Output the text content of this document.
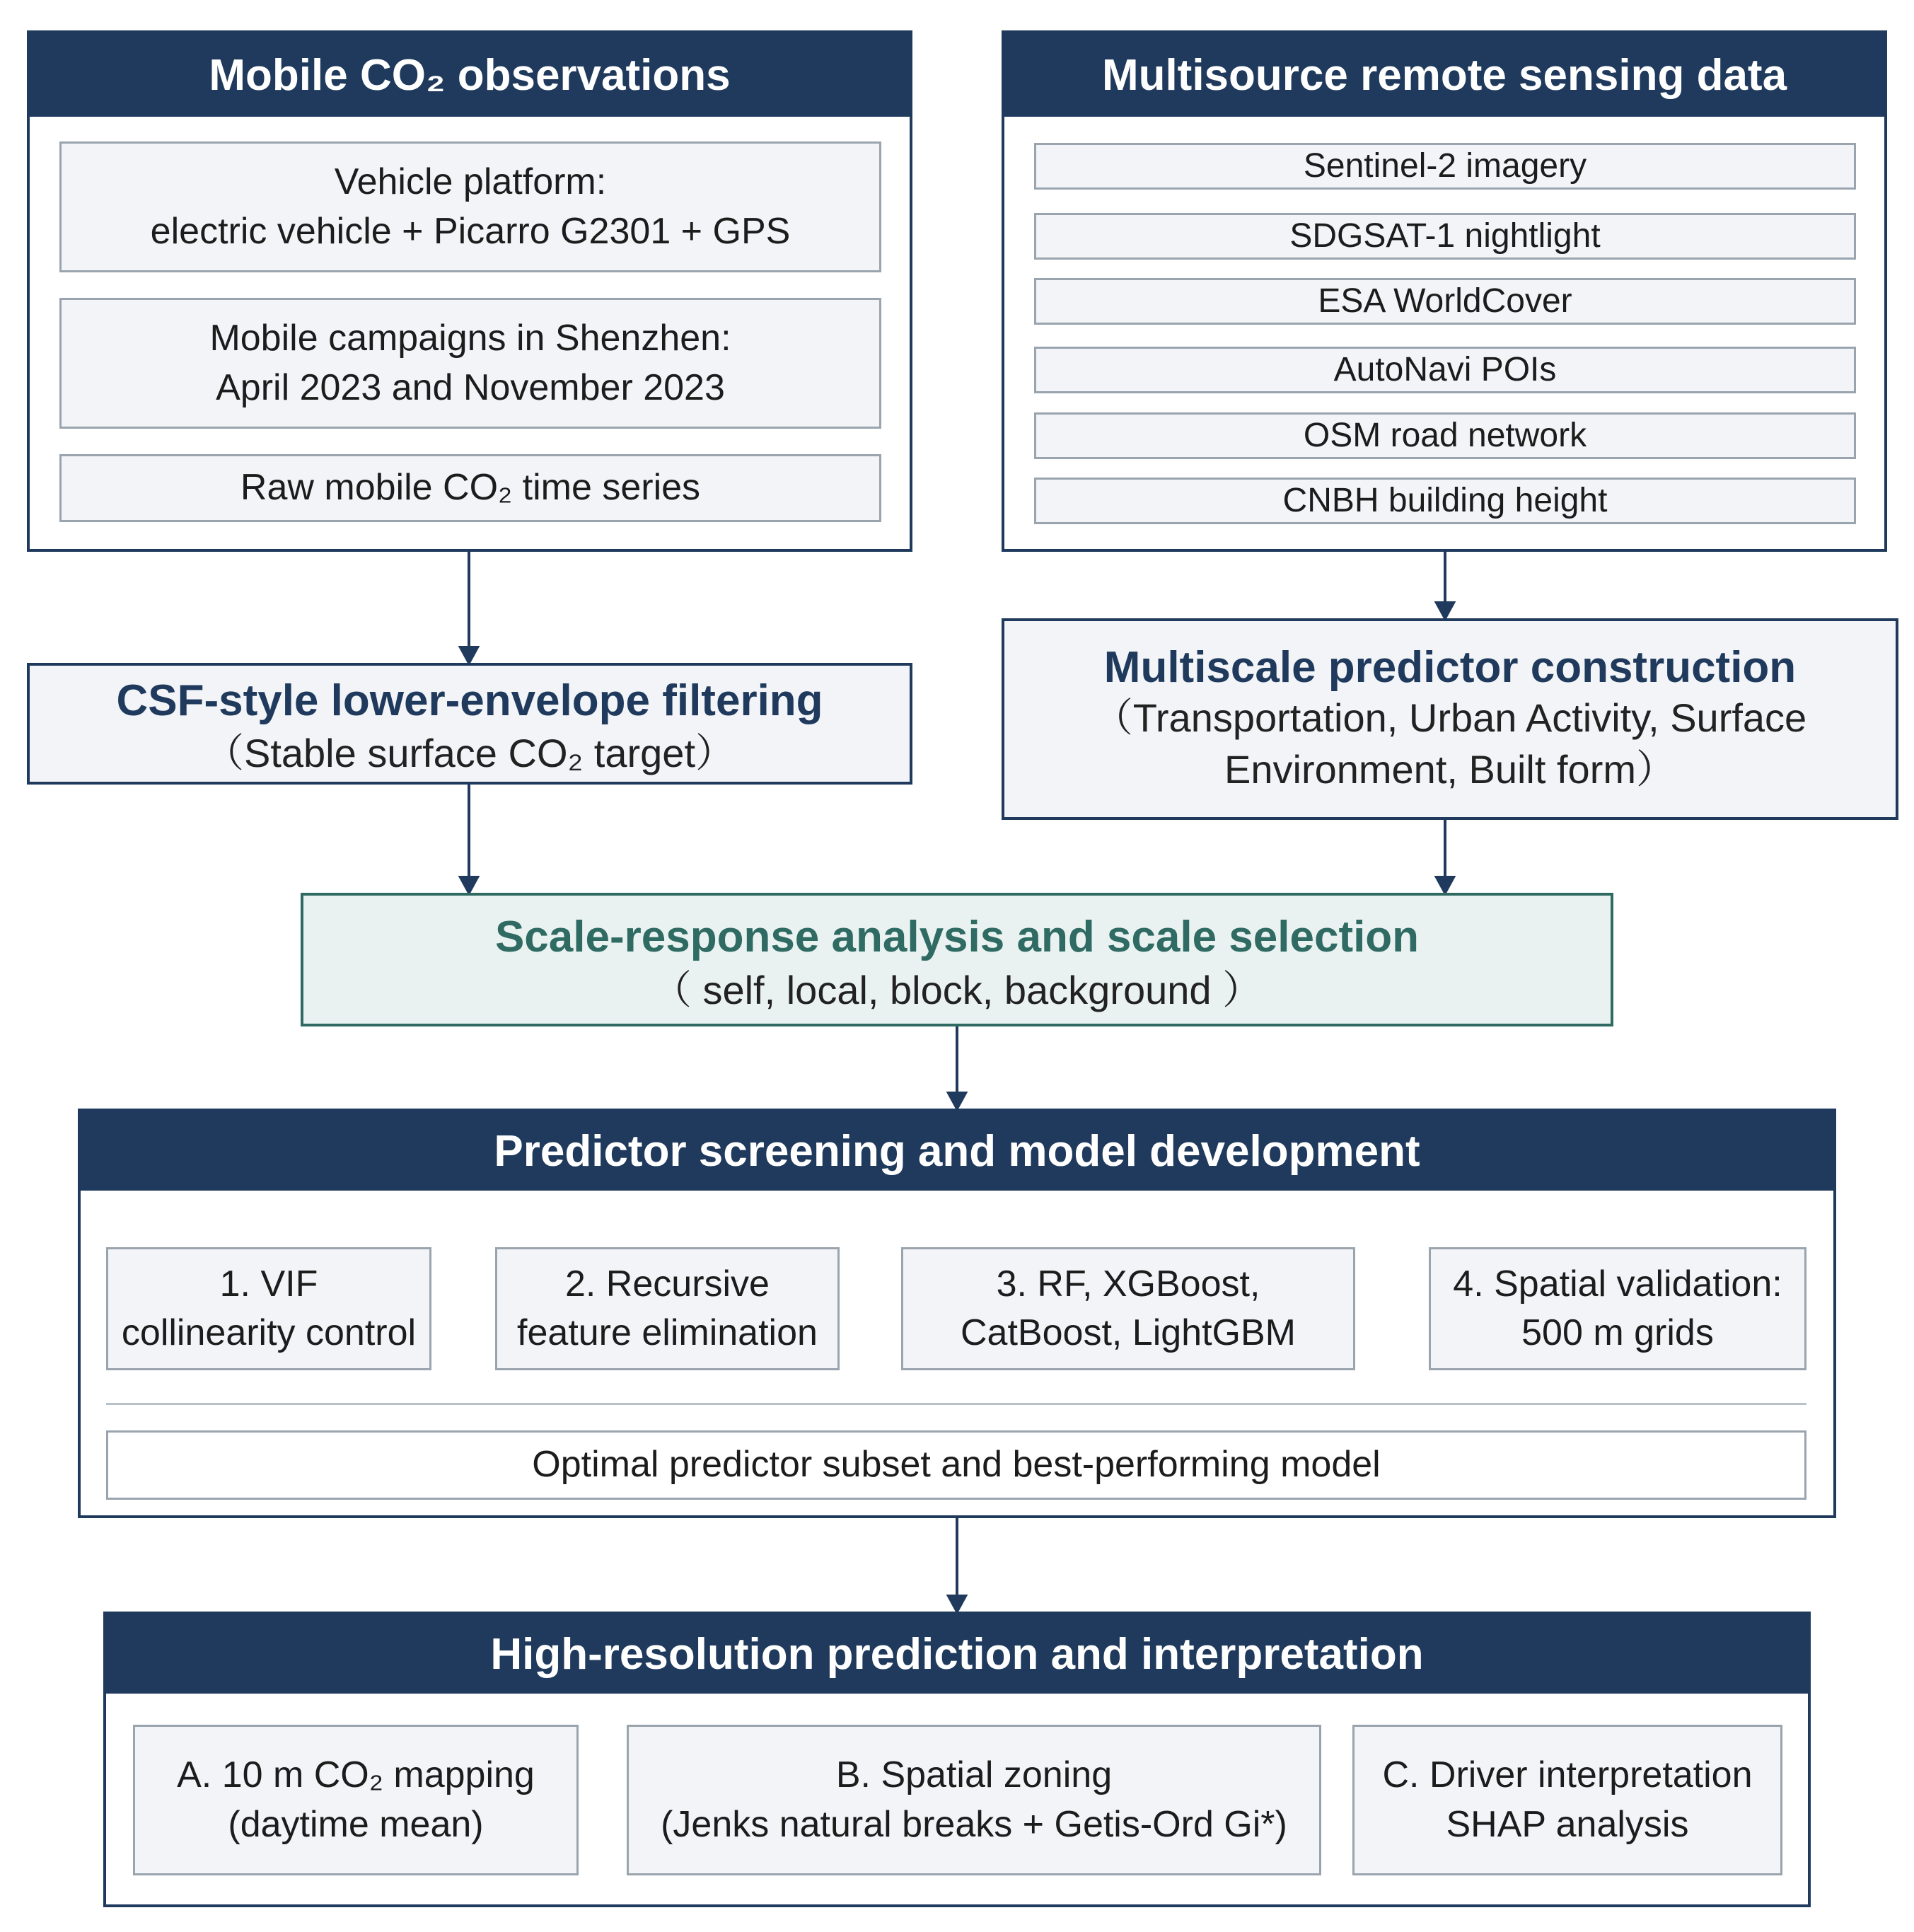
Mobile CO₂ observations
Vehicle platform:
electric vehicle + Picarro G2301 + GPS
Mobile campaigns in Shenzhen:
April 2023 and November 2023
Raw mobile CO₂ time series
Multisource remote sensing data
Sentinel-2 imagery
SDGSAT-1 nightlight
ESA WorldCover
AutoNavi POIs
OSM road network
CNBH building height
CSF-style lower-envelope filtering
（Stable surface CO₂ target）
Multiscale predictor construction
（Transportation, Urban Activity, Surface
Environment, Built form）
Scale-response analysis and scale selection
（ self, local, block, background ）
Predictor screening and model development
1. VIF
collinearity control
2. Recursive
feature elimination
3. RF, XGBoost,
CatBoost, LightGBM
4. Spatial validation:
500 m grids
Optimal predictor subset and best-performing model
High-resolution prediction and interpretation
A. 10 m CO₂ mapping
(daytime mean)
B. Spatial zoning
(Jenks natural breaks + Getis-Ord Gi*)
C. Driver interpretation
SHAP analysis
